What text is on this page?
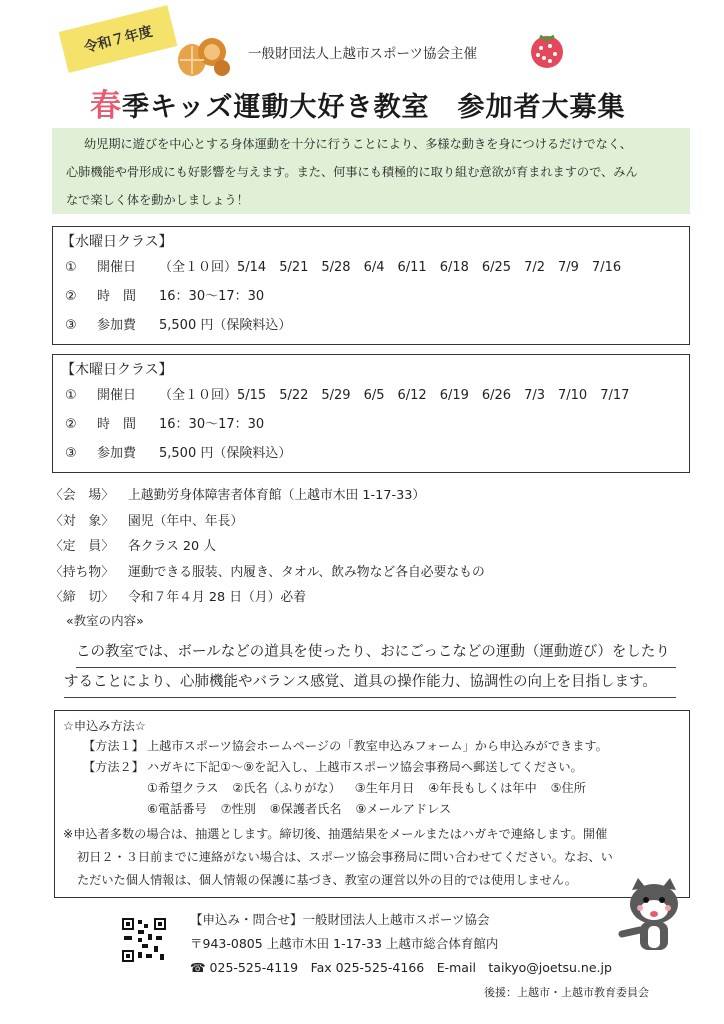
令和７年度	一般財団法人上越市スポーツ協会主催
春季キッズ運動大好き教室　参加者大募集
幼児期に遊びを中心とする身体運動を十分に行うことにより、多様な動きを身につけるだけでなく、
心肺機能や骨形成にも好影響を与えます。また、何事にも積極的に取り組む意欲が育まれますので、みん
なで楽しく体を動かしましょう！
【水曜日クラス】
①	開催日	（全１０回）5/14　5/21　5/28　6/4　6/11　6/18　6/25　7/2　7/9　7/16
②	時　間	16：30～17：30
③	参加費	5,500 円（保険料込）
【木曜日クラス】
①	開催日	（全１０回）5/15　5/22　5/29　6/5　6/12　6/19　6/26　7/3　7/10　7/17
②	時　間	16：30～17：30
③	参加費	5,500 円（保険料込）
〈会　場〉	上越勤労身体障害者体育館（上越市木田 1-17-33）
〈対　象〉	園児（年中、年長）
〈定　員〉	各クラス 20 人
〈持ち物〉	運動できる服装、内履き、タオル、飲み物など各自必要なもの
〈締　切〉	令和７年４月 28 日（月）必着
«教室の内容»
この教室では、ボールなどの道具を使ったり、おにごっこなどの運動（運動遊び）をしたり
することにより、心肺機能やバランス感覚、道具の操作能力、協調性の向上を目指します。
☆申込み方法☆
【方法１】 上越市スポーツ協会ホームページの「教室申込みフォーム」から申込みができます。
【方法２】 ハガキに下記①～⑨を記入し、上越市スポーツ協会事務局へ郵送してください。
①希望クラス ②氏名（ふりがな） ③生年月日 ④年長もしくは年中 ⑤住所
⑥電話番号 ⑦性別 ⑧保護者氏名 ⑨メールアドレス
※申込者多数の場合は、抽選とします。締切後、抽選結果をメールまたはハガキで連絡します。開催
初日２・３日前までに連絡がない場合は、スポーツ協会事務局に問い合わせてください。なお、い
ただいた個人情報は、個人情報の保護に基づき、教室の運営以外の目的では使用しません。
【申込み・問合せ】一般財団法人上越市スポーツ協会
〒943-0805 上越市木田 1-17-33 上越市総合体育館内
☎ 025-525-4119　Fax 025-525-4166　E-mail　taikyo@joetsu.ne.jp
後援：上越市・上越市教育委員会
